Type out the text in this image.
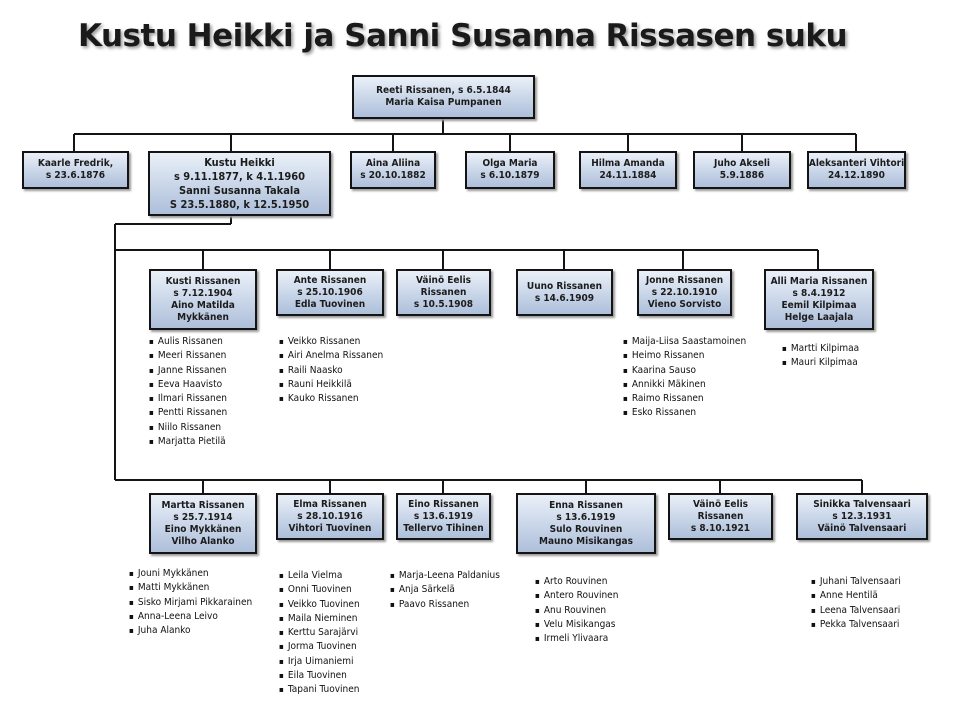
Kustu Heikki ja Sanni Susanna Rissasen suku
Reeti Rissanen, s 6.5.1844
Maria Kaisa Pumpanen
Kaarle Fredrik,
s 23.6.1876
Kustu Heikki
s 9.11.1877, k 4.1.1960
Sanni Susanna Takala
S 23.5.1880, k 12.5.1950
Aina Aliina
s 20.10.1882
Olga Maria
s 6.10.1879
Hilma Amanda
24.11.1884
Juho Akseli
5.9.1886
Aleksanteri Vihtori
24.12.1890
Kusti Rissanen
s 7.12.1904
Aino Matilda
Mykkänen
Ante Rissanen
s 25.10.1906
Edla Tuovinen
Väinö Eelis
Rissanen
s 10.5.1908
Uuno Rissanen
s 14.6.1909
Jonne Rissanen
s 22.10.1910
Vieno Sorvisto
Alli Maria Rissanen
s 8.4.1912
Eemil Kilpimaa
Helge Laajala
▪ Aulis Rissanen
▪ Meeri Rissanen
▪ Janne Rissanen
▪ Eeva Haavisto
▪ Ilmari Rissanen
▪ Pentti Rissanen
▪ Niilo Rissanen
▪ Marjatta Pietilä
▪ Veikko Rissanen
▪ Airi Anelma Rissanen
▪ Raili Naasko
▪ Rauni Heikkilä
▪ Kauko Rissanen
▪ Maija-Liisa Saastamoinen
▪ Heimo Rissanen
▪ Kaarina Sauso
▪ Annikki Mäkinen
▪ Raimo Rissanen
▪ Esko Rissanen
▪ Martti Kilpimaa
▪ Mauri Kilpimaa
Martta Rissanen
s 25.7.1914
Eino Mykkänen
Vilho Alanko
Elma Rissanen
s 28.10.1916
Vihtori Tuovinen
Eino Rissanen
s 13.6.1919
Tellervo Tihinen
Enna Rissanen
s 13.6.1919
Sulo Rouvinen
Mauno Misikangas
Väinö Eelis
Rissanen
s 8.10.1921
Sinikka Talvensaari
s 12.3.1931
Väinö Talvensaari
▪ Jouni Mykkänen
▪ Matti Mykkänen
▪ Sisko Mirjami Pikkarainen
▪ Anna-Leena Leivo
▪ Juha Alanko
▪ Leila Vielma
▪ Onni Tuovinen
▪ Veikko Tuovinen
▪ Maila Nieminen
▪ Kerttu Sarajärvi
▪ Jorma Tuovinen
▪ Irja Uimaniemi
▪ Eila Tuovinen
▪ Tapani Tuovinen
▪ Marja-Leena Paldanius
▪ Anja Särkelä
▪ Paavo Rissanen
▪ Arto Rouvinen
▪ Antero Rouvinen
▪ Anu Rouvinen
▪ Velu Misikangas
▪ Irmeli Ylivaara
▪ Juhani Talvensaari
▪ Anne Hentilä
▪ Leena Talvensaari
▪ Pekka Talvensaari
